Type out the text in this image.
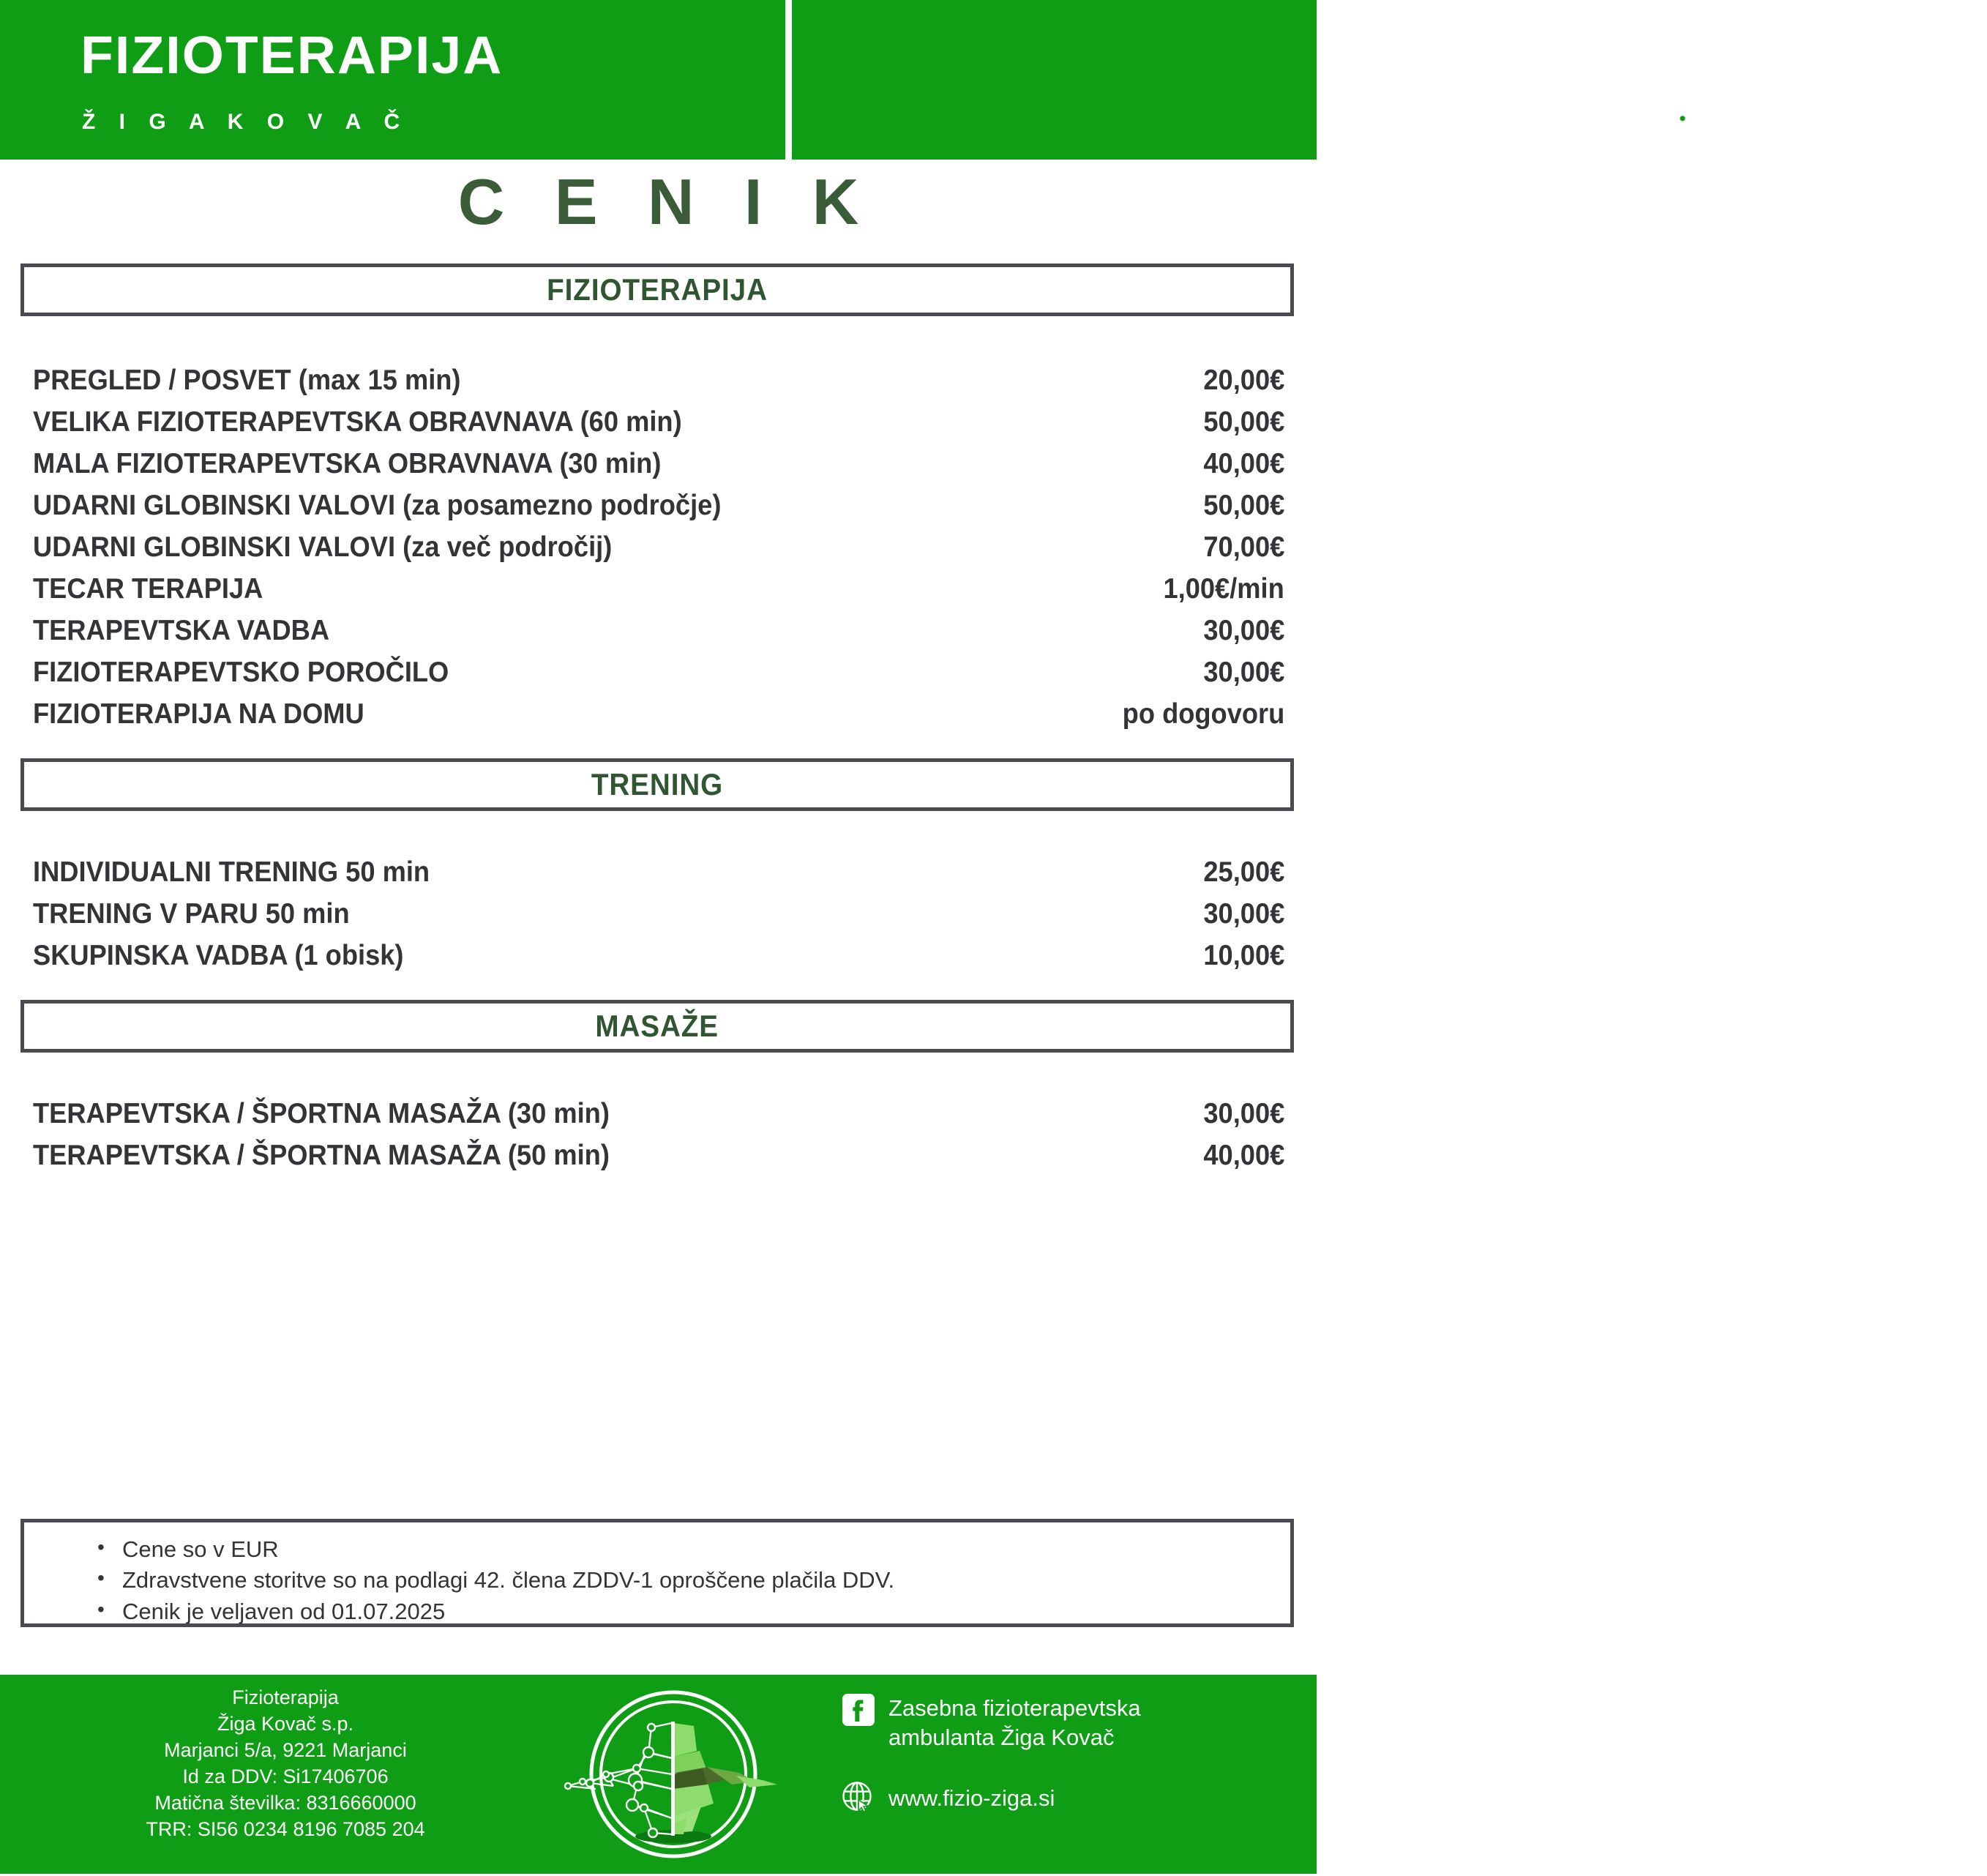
FIZIOTERAPIJA
Ž I G A K O V A Č
031 538 373
info@fizio-ziga.si
Martjanci 5/a, 9221 Martjanci
C E N I K
FIZIOTERAPIJA
PREGLED / POSVET (max 15 min)	20,00€
VELIKA FIZIOTERAPEVTSKA OBRAVNAVA (60 min)	50,00€
MALA FIZIOTERAPEVTSKA OBRAVNAVA (30 min)	40,00€
UDARNI GLOBINSKI VALOVI (za posamezno področje)	50,00€
UDARNI GLOBINSKI VALOVI (za več področij)	70,00€
TECAR TERAPIJA	1,00€/min
TERAPEVTSKA VADBA	30,00€
FIZIOTERAPEVTSKO POROČILO	30,00€
FIZIOTERAPIJA NA DOMU	po dogovoru
TRENING
INDIVIDUALNI TRENING 50 min	25,00€
TRENING V PARU 50 min	30,00€
SKUPINSKA VADBA (1 obisk)	10,00€
MASAŽE
TERAPEVTSKA / ŠPORTNA MASAŽA (30 min)	30,00€
TERAPEVTSKA / ŠPORTNA MASAŽA (50 min)	40,00€
• Cene so v EUR
• Zdravstvene storitve so na podlagi 42. člena ZDDV-1 oproščene plačila DDV.
• Cenik je veljaven od 01.07.2025
Fizioterapija
Žiga Kovač s.p.
Marjanci 5/a, 9221 Marjanci
Id za DDV: Si17406706
Matična številka: 8316660000
TRR: SI56 0234 8196 7085 204
Zasebna fizioterapevtska
ambulanta Žiga Kovač
www.fizio-ziga.si
